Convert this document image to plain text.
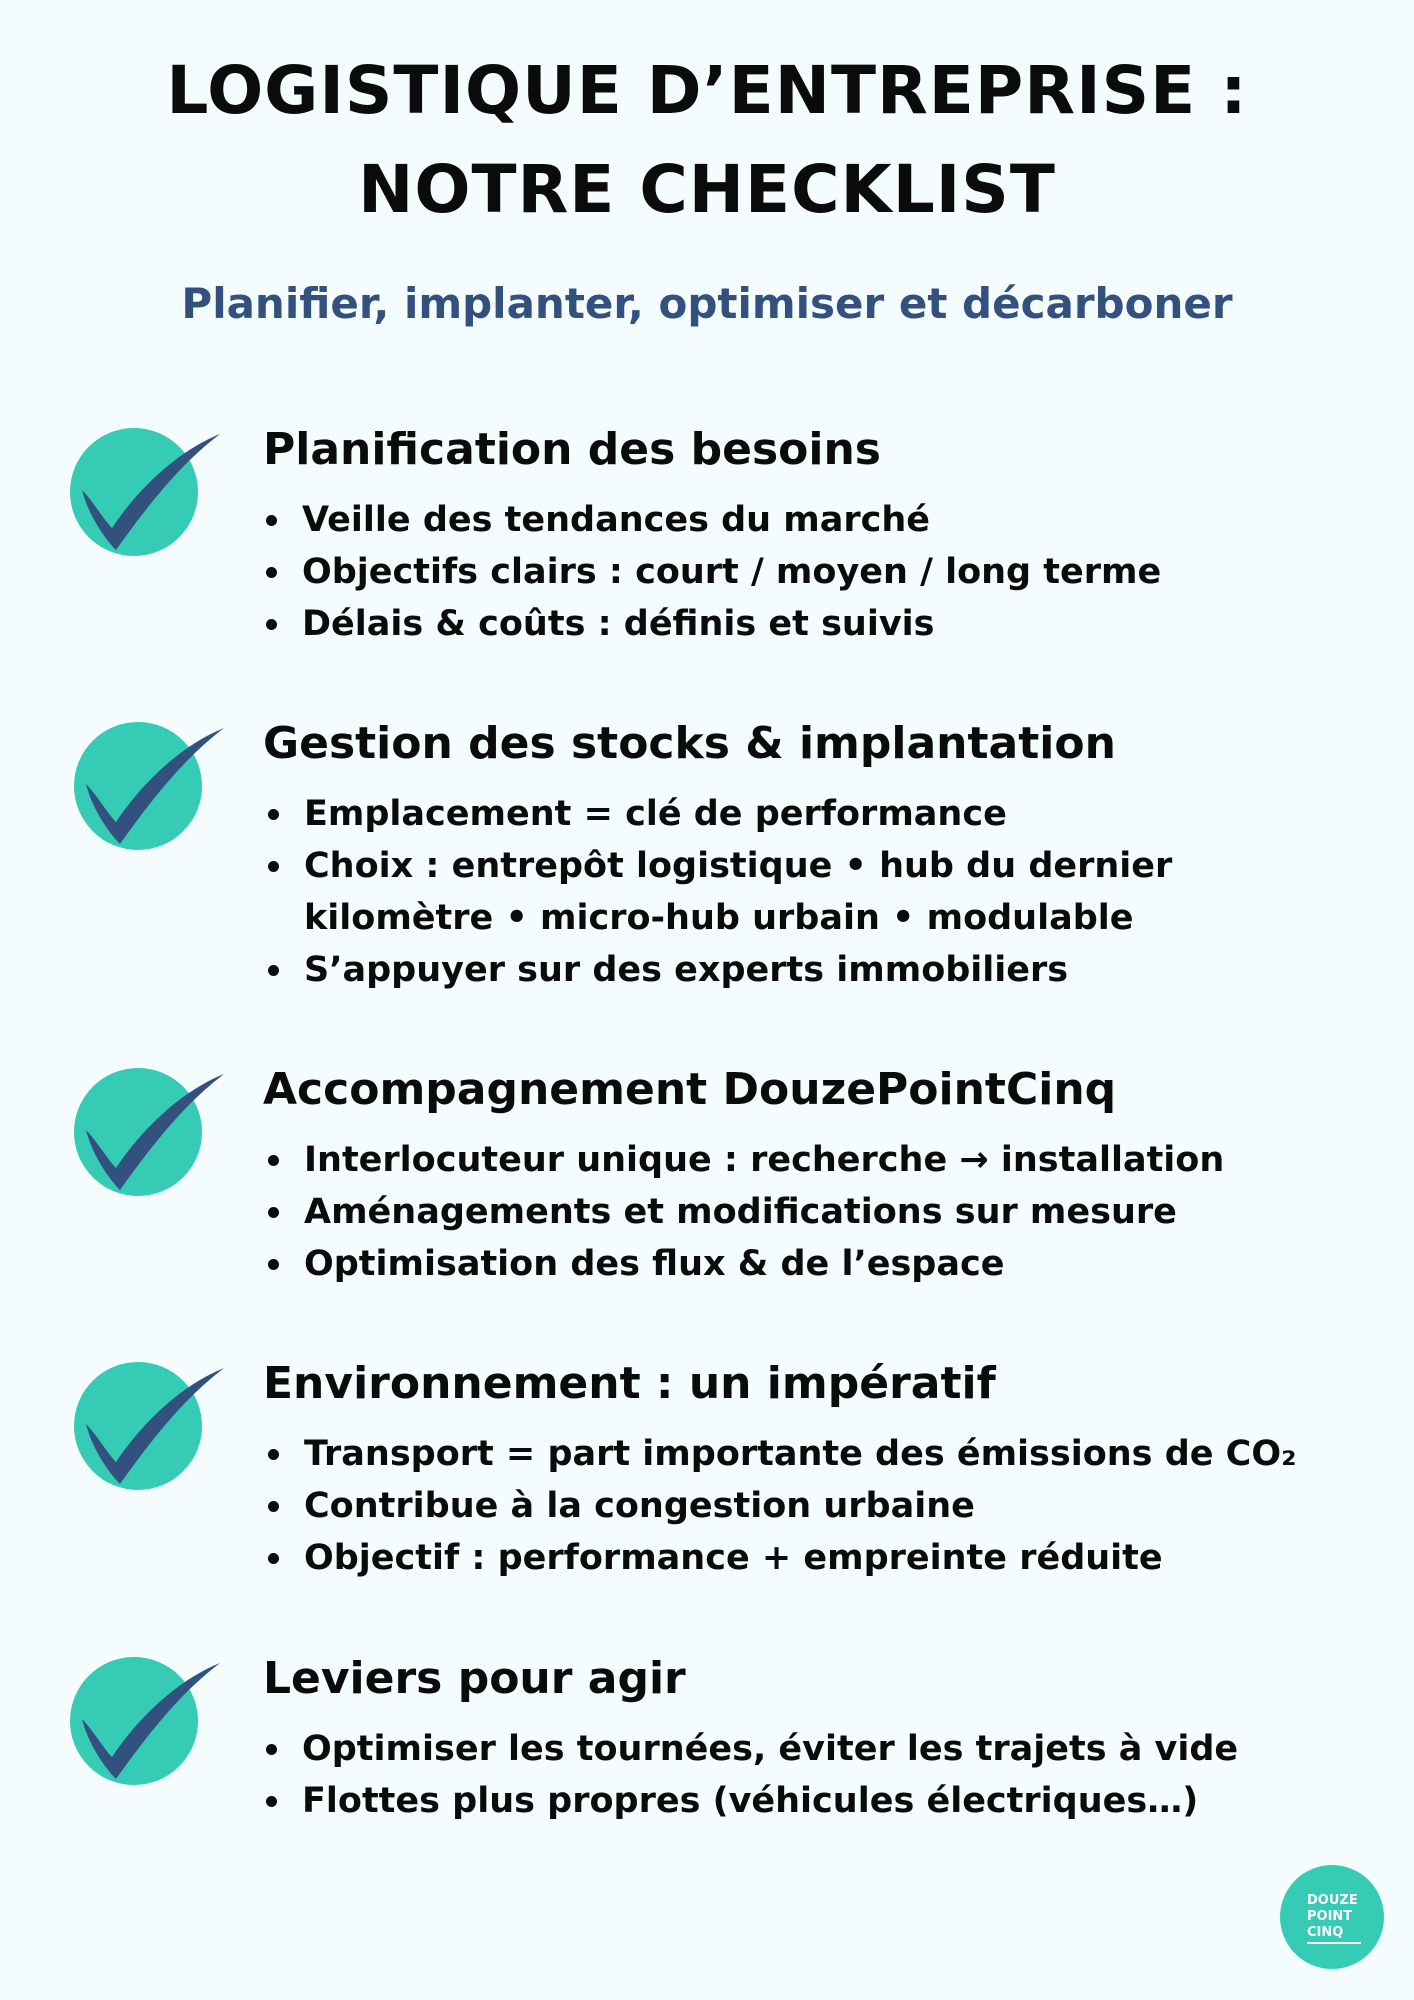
LOGISTIQUE D’ENTREPRISE :
NOTRE CHECKLIST
Planifier, implanter, optimiser et décarboner
Planification des besoins
Veille des tendances du marché
Objectifs clairs : court / moyen / long terme
Délais & coûts : définis et suivis
Gestion des stocks & implantation
Emplacement = clé de performance
Choix : entrepôt logistique • hub du dernier
kilomètre • micro-hub urbain • modulable
S’appuyer sur des experts immobiliers
Accompagnement DouzePointCinq
Interlocuteur unique : recherche → installation
Aménagements et modifications sur mesure
Optimisation des flux & de l’espace
Environnement : un impératif
Transport = part importante des émissions de CO₂
Contribue à la congestion urbaine
Objectif : performance + empreinte réduite
Leviers pour agir
Optimiser les tournées, éviter les trajets à vide
Flottes plus propres (véhicules électriques…)
DOUZE
POINT
CINQ
